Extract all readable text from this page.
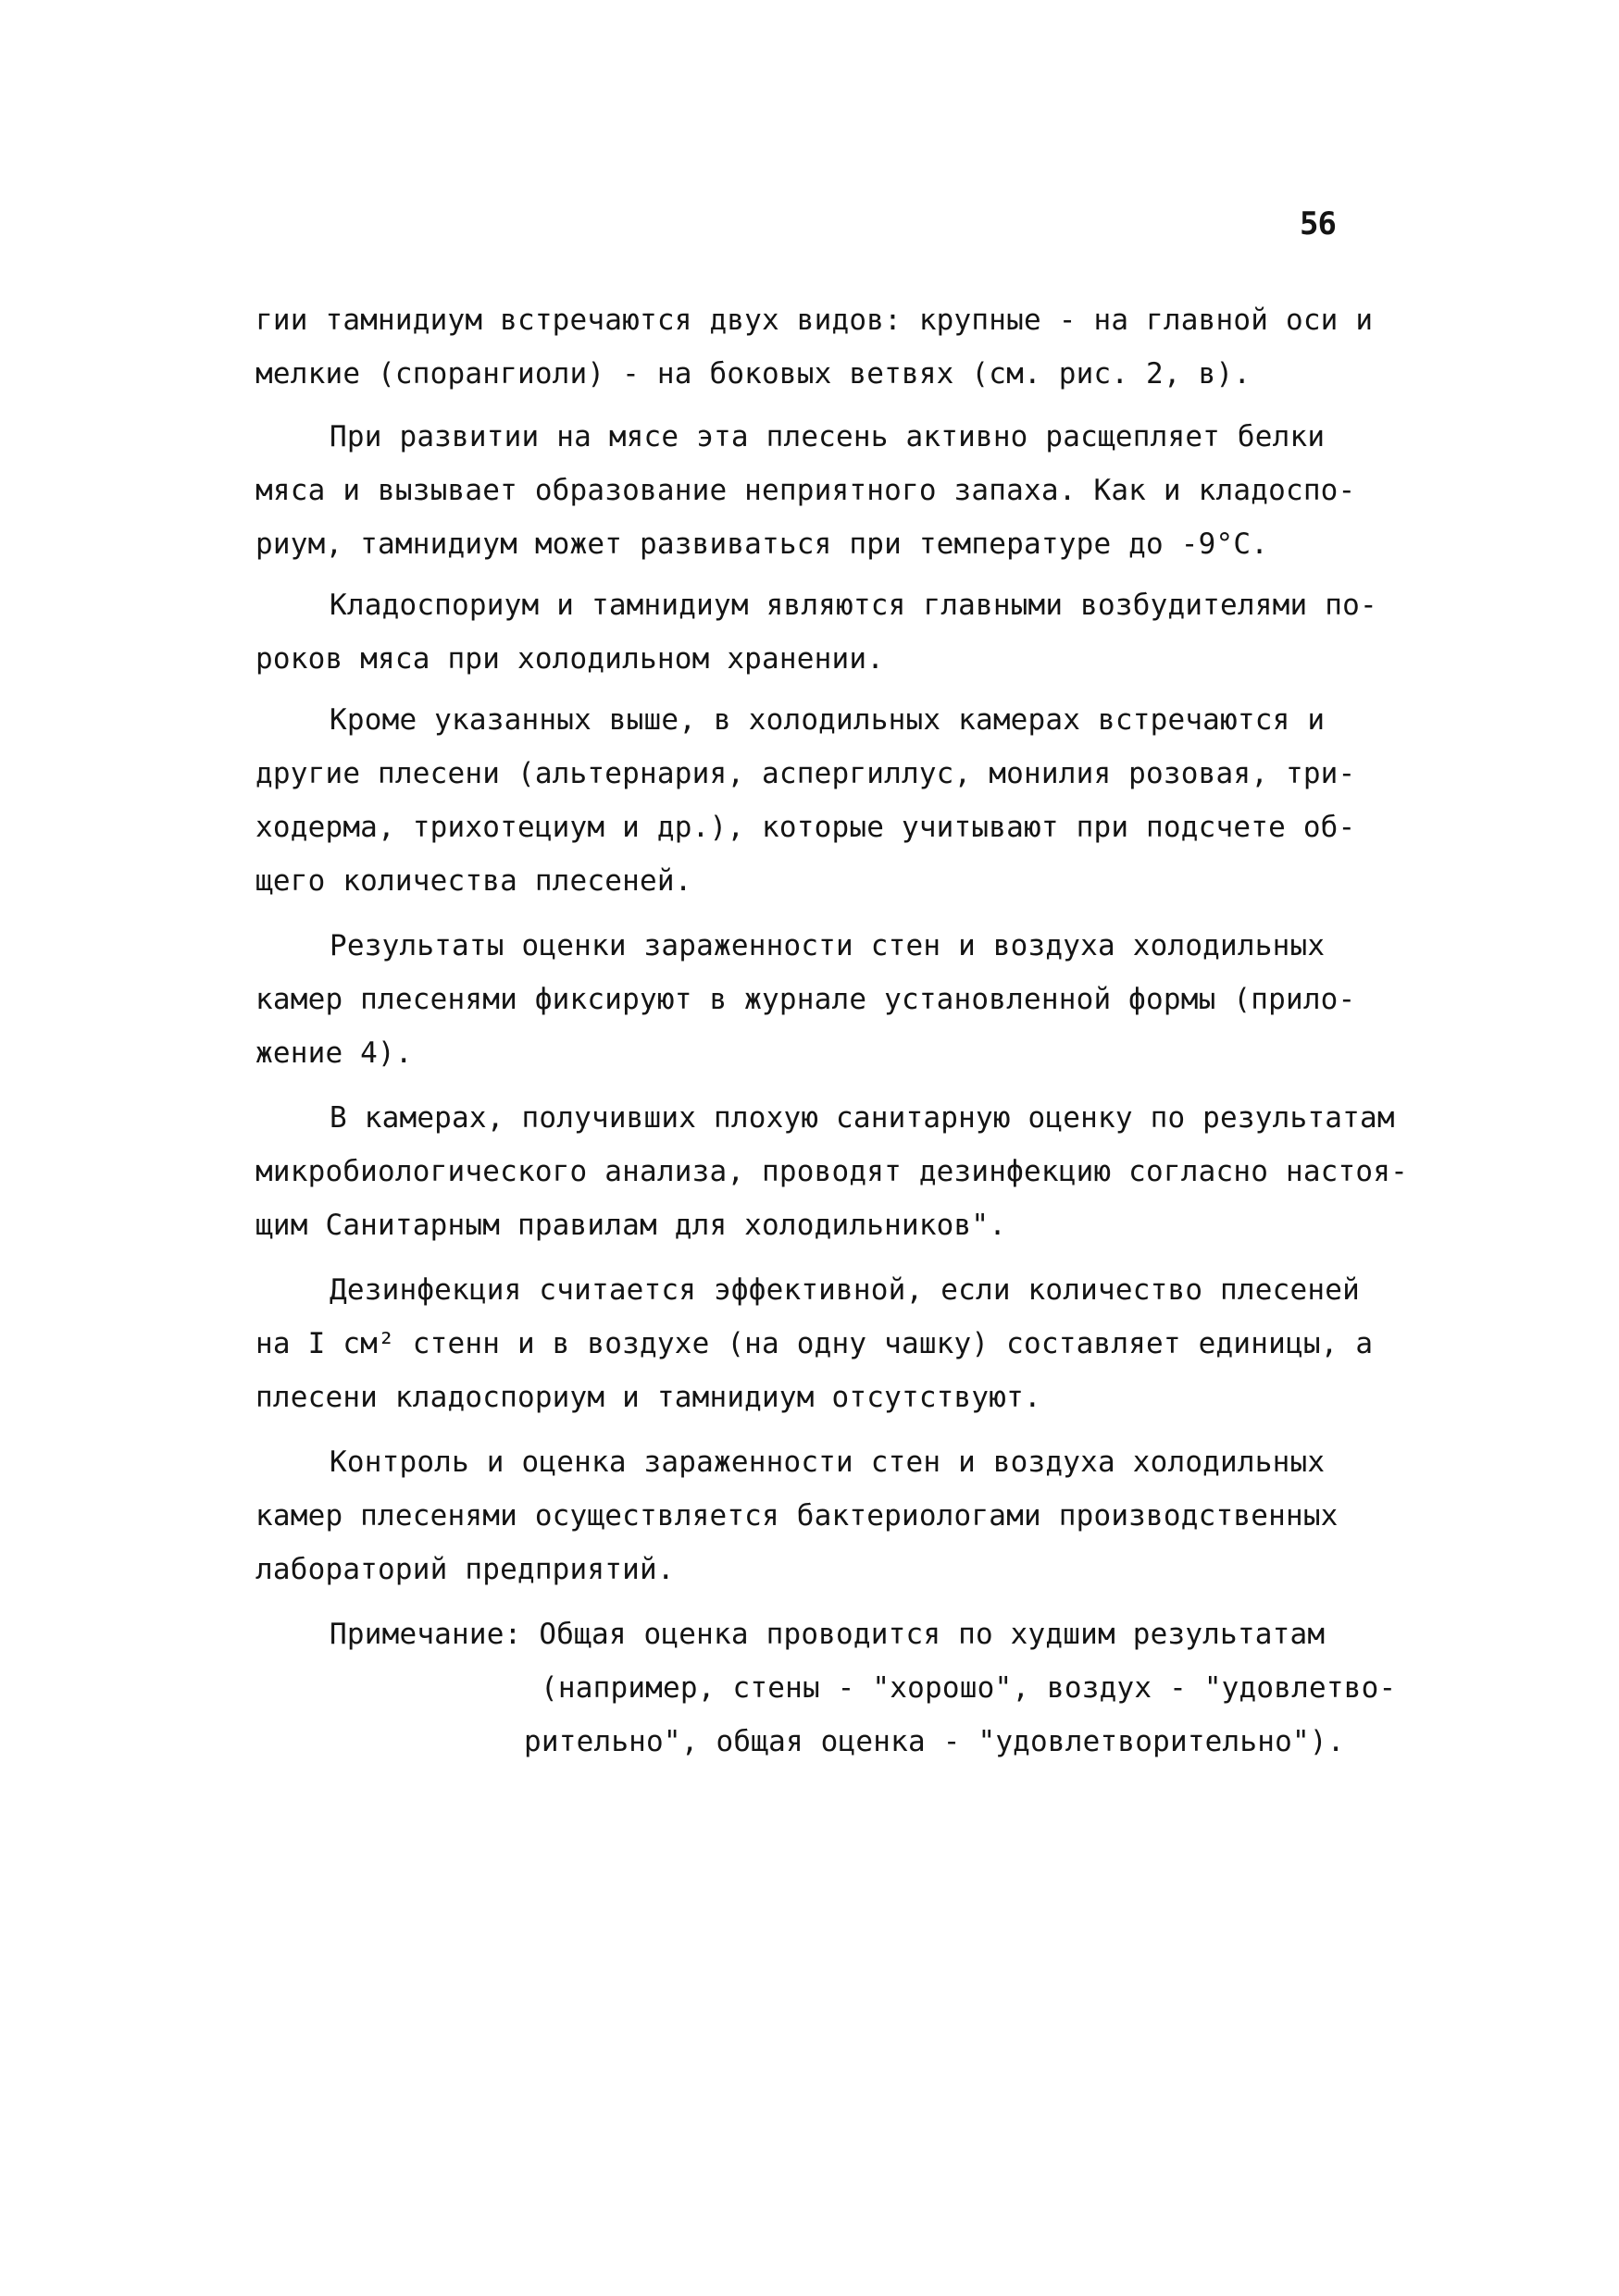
56
гии тамнидиум встречаются двух видов: крупные - на главной оси и
мелкие (спорангиоли) - на боковых ветвях (см. рис. 2, в).
При развитии на мясе эта плесень активно расщепляет белки
мяса и вызывает образование неприятного запаха. Как и кладоспо-
риум, тамнидиум может развиваться при температуре до -9°С.
Кладоспориум и тамнидиум являются главными возбудителями по-
роков мяса при холодильном хранении.
Кроме указанных выше, в холодильных камерах встречаются и
другие плесени (альтернария, аспергиллус, монилия розовая, три-
ходерма, трихотециум и др.), которые учитывают при подсчете об-
щего количества плесеней.
Результаты оценки зараженности стен и воздуха холодильных
камер плесенями фиксируют в журнале установленной формы (прило-
жение 4).
В камерах, получивших плохую санитарную оценку по результатам
микробиологического анализа, проводят дезинфекцию согласно настоя-
щим Санитарным правилам для холодильников".
Дезинфекция считается эффективной, если количество плесеней
на I см² стенн и в воздухе (на одну чашку) составляет единицы, а
плесени кладоспориум и тамнидиум отсутствуют.
Контроль и оценка зараженности стен и воздуха холодильных
камер плесенями осуществляется бактериологами производственных
лабораторий предприятий.
Примечание: Общая оценка проводится по худшим результатам
(например, стены - "хорошо", воздух - "удовлетво-
рительно", общая оценка - "удовлетворительно").
